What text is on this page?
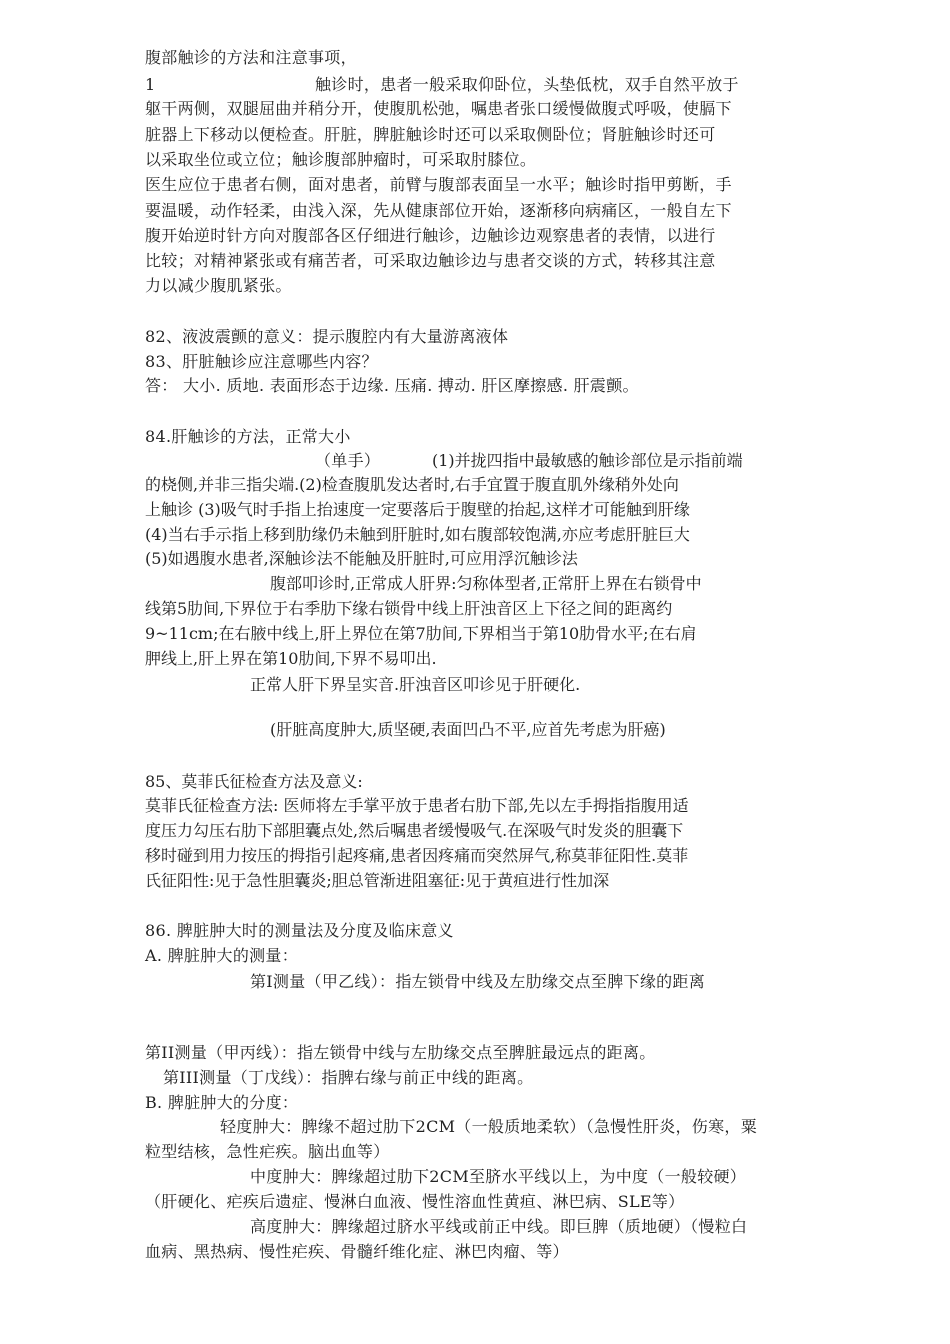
腹部触诊的方法和注意事项，
1	触诊时，患者一般采取仰卧位，头垫低枕，双手自然平放于
躯干两侧，双腿屈曲并稍分开，使腹肌松弛，嘱患者张口缓慢做腹式呼吸，使膈下
脏器上下移动以便检查。肝脏，脾脏触诊时还可以采取侧卧位；肾脏触诊时还可
以采取坐位或立位；触诊腹部肿瘤时，可采取肘膝位。
医生应位于患者右侧，面对患者，前臂与腹部表面呈一水平；触诊时指甲剪断，手
要温暖，动作轻柔，由浅入深，先从健康部位开始，逐渐移向病痛区，一般自左下
腹开始逆时针方向对腹部各区仔细进行触诊，边触诊边观察患者的表情，以进行
比较；对精神紧张或有痛苦者，可采取边触诊边与患者交谈的方式，转移其注意
力以减少腹肌紧张。
82、液波震颤的意义：提示腹腔内有大量游离液体
83、肝脏触诊应注意哪些内容？
答： 大小. 质地. 表面形态于边缘. 压痛. 搏动. 肝区摩擦感. 肝震颤。
84.肝触诊的方法，正常大小
（单手）	(1)并拢四指中最敏感的触诊部位是示指前端
的桡侧,并非三指尖端.(2)检查腹肌发达者时,右手宜置于腹直肌外缘稍外处向
上触诊 (3)吸气时手指上抬速度一定要落后于腹壁的抬起,这样才可能触到肝缘
(4)当右手示指上移到肋缘仍未触到肝脏时,如右腹部较饱满,亦应考虑肝脏巨大
(5)如遇腹水患者,深触诊法不能触及肝脏时,可应用浮沉触诊法
腹部叩诊时,正常成人肝界:匀称体型者,正常肝上界在右锁骨中
线第5肋间,下界位于右季肋下缘右锁骨中线上肝浊音区上下径之间的距离约
9~11cm;在右腋中线上,肝上界位在第7肋间,下界相当于第10肋骨水平;在右肩
胛线上,肝上界在第10肋间,下界不易叩出.
正常人肝下界呈实音.肝浊音区叩诊见于肝硬化.
(肝脏高度肿大,质坚硬,表面凹凸不平,应首先考虑为肝癌)
85、莫菲氏征检查方法及意义:
莫菲氏征检查方法: 医师将左手掌平放于患者右肋下部,先以左手拇指指腹用适
度压力勾压右肋下部胆囊点处,然后嘱患者缓慢吸气.在深吸气时发炎的胆囊下
移时碰到用力按压的拇指引起疼痛,患者因疼痛而突然屏气,称莫菲征阳性.莫菲
氏征阳性:见于急性胆囊炎;胆总管渐进阻塞征:见于黄疸进行性加深
86. 脾脏肿大时的测量法及分度及临床意义
A. 脾脏肿大的测量：
第Ⅰ测量（甲乙线）：指左锁骨中线及左肋缘交点至脾下缘的距离
第II测量（甲丙线）：指左锁骨中线与左肋缘交点至脾脏最远点的距离。
第III测量（丁戊线）：指脾右缘与前正中线的距离。
B. 脾脏肿大的分度：
轻度肿大：脾缘不超过肋下2CM（一般质地柔软）（急慢性肝炎，伤寒，粟
粒型结核，急性疟疾。脑出血等）
中度肿大：脾缘超过肋下2CM至脐水平线以上，为中度（一般较硬）
（肝硬化、疟疾后遗症、慢淋白血液、慢性溶血性黄疸、淋巴病、SLE等）
高度肿大：脾缘超过脐水平线或前正中线。即巨脾（质地硬）（慢粒白
血病、黑热病、慢性疟疾、骨髓纤维化症、淋巴肉瘤、等）
